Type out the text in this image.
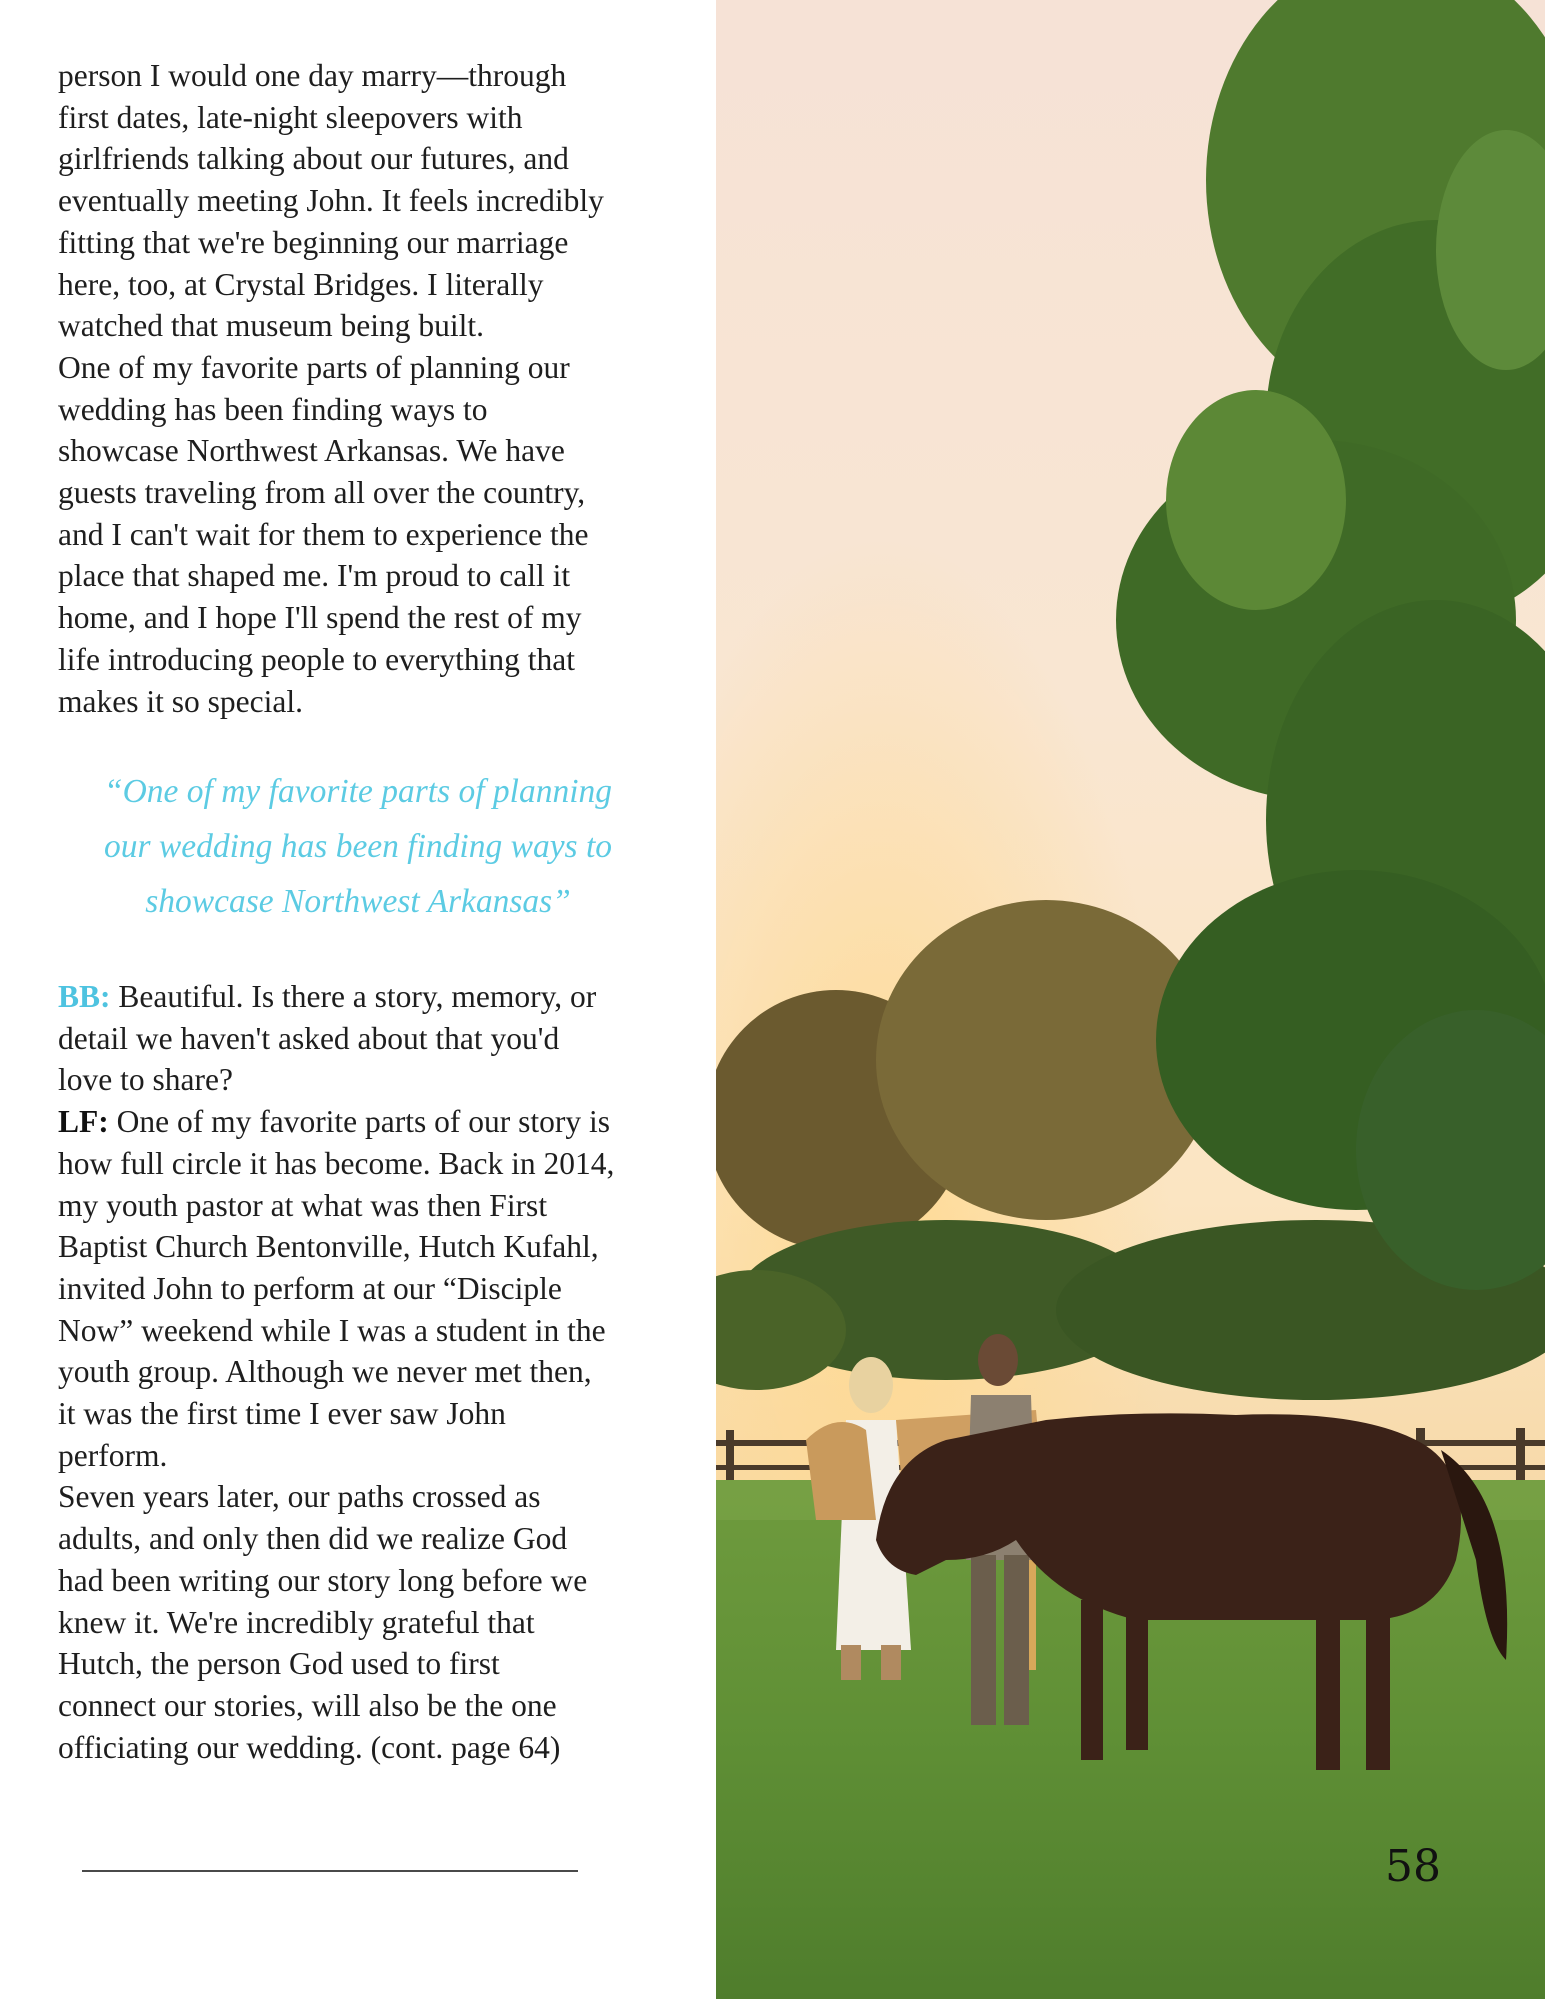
person I would one day marry—through
first dates, late-night sleepovers with
girlfriends talking about our futures, and
eventually meeting John. It feels incredibly
fitting that we're beginning our marriage
here, too, at Crystal Bridges. I literally
watched that museum being built.
One of my favorite parts of planning our
wedding has been finding ways to
showcase Northwest Arkansas. We have
guests traveling from all over the country,
and I can't wait for them to experience the
place that shaped me. I'm proud to call it
home, and I hope I'll spend the rest of my
life introducing people to everything that
makes it so special.
“One of my favorite parts of planning
our wedding has been finding ways to
showcase Northwest Arkansas”
BB: Beautiful. Is there a story, memory, or
detail we haven't asked about that you'd
love to share?
LF: One of my favorite parts of our story is
how full circle it has become. Back in 2014,
my youth pastor at what was then First
Baptist Church Bentonville, Hutch Kufahl,
invited John to perform at our “Disciple
Now” weekend while I was a student in the
youth group. Although we never met then,
it was the first time I ever saw John
perform.
Seven years later, our paths crossed as
adults, and only then did we realize God
had been writing our story long before we
knew it. We're incredibly grateful that
Hutch, the person God used to first
connect our stories, will also be the one
officiating our wedding. (cont. page 64)
58
